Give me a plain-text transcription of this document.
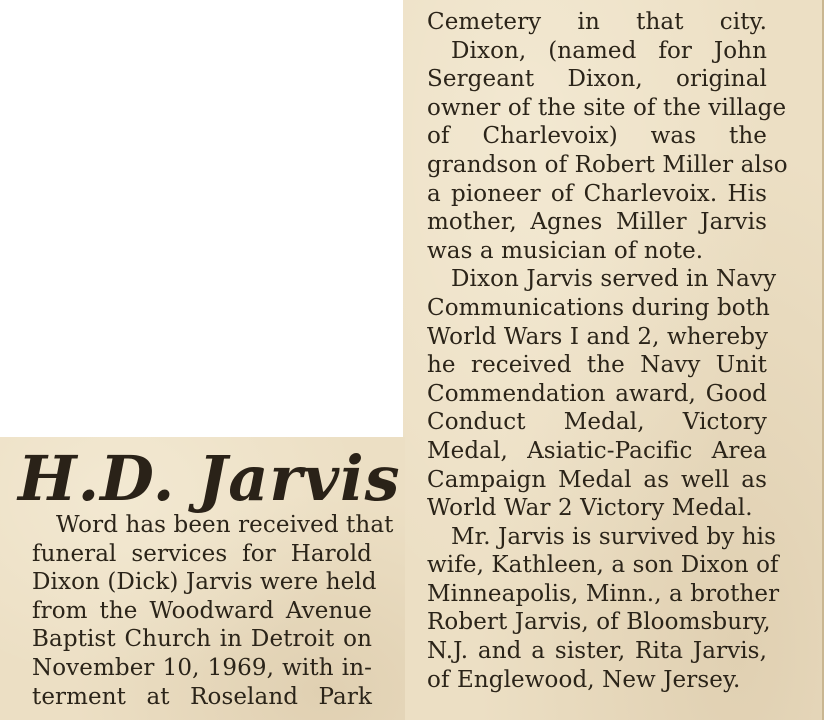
Cemetery in that city.
Dixon, (named for John
Sergeant Dixon, original
owner of the site of the village
of Charlevoix) was the
grandson of Robert Miller also
a pioneer of Charlevoix. His
mother, Agnes Miller Jarvis
was a musician of note.
Dixon Jarvis served in Navy
Communications during both
World Wars I and 2, whereby
he received the Navy Unit
Commendation award, Good
Conduct Medal, Victory
Medal, Asiatic-Pacific Area
Campaign Medal as well as
World War 2 Victory Medal.
Mr. Jarvis is survived by his
wife, Kathleen, a son Dixon of
Minneapolis, Minn., a brother
Robert Jarvis, of Bloomsbury,
N.J. and a sister, Rita Jarvis,
of Englewood, New Jersey.
H.D. Jarvis
Word has been received that
funeral services for Harold
Dixon (Dick) Jarvis were held
from the Woodward Avenue
Baptist Church in Detroit on
November 10, 1969, with in-
terment at Roseland Park
